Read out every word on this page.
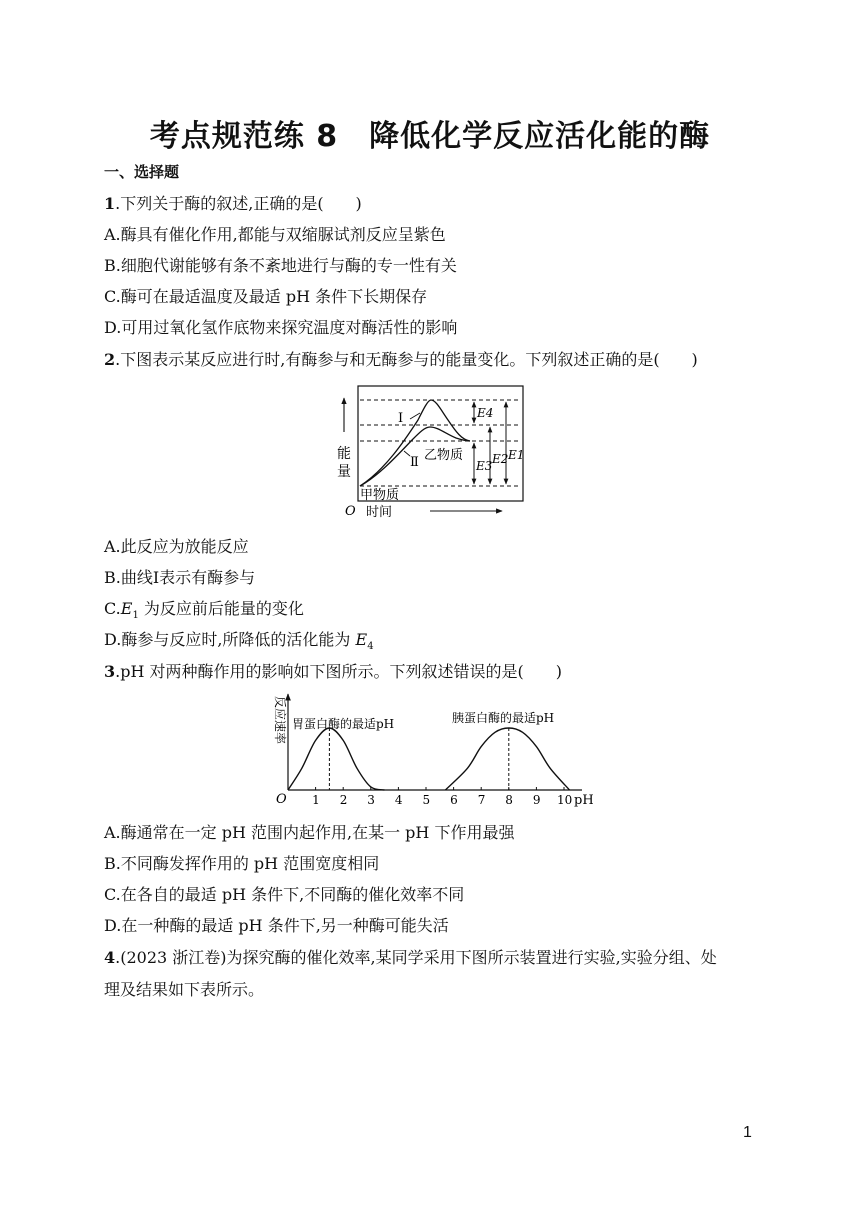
考点规范练 8　降低化学反应活化能的酶
一、选择题
1.下列关于酶的叙述,正确的是(　　)
A.酶具有催化作用,都能与双缩脲试剂反应呈紫色
B.细胞代谢能够有条不紊地进行与酶的专一性有关
C.酶可在最适温度及最适 pH 条件下长期保存
D.可用过氧化氢作底物来探究温度对酶活性的影响
2.下图表示某反应进行时,有酶参与和无酶参与的能量变化。下列叙述正确的是(　　)
Ⅰ
Ⅱ 乙物质
甲物质
E4
E3 E2 E1
能
量
O 时间
A.此反应为放能反应
B.曲线Ⅰ表示有酶参与
$C.E_1$ 为反应前后能量的变化
D.酶参与反应时,所降低的活化能为 $E_4$
3.pH 对两种酶作用的影响如下图所示。下列叙述错误的是(　　)
反应速率
O	pH
胃蛋白酶的最适pH	胰蛋白酶的最适pH
1 2 3 4 5 6 7 8 9 10
A.酶通常在一定 pH 范围内起作用,在某一 pH 下作用最强
B.不同酶发挥作用的 pH 范围宽度相同
C.在各自的最适 pH 条件下,不同酶的催化效率不同
D.在一种酶的最适 pH 条件下,另一种酶可能失活
4.(2023 浙江卷)为探究酶的催化效率,某同学采用下图所示装置进行实验,实验分组、处
理及结果如下表所示。
1
